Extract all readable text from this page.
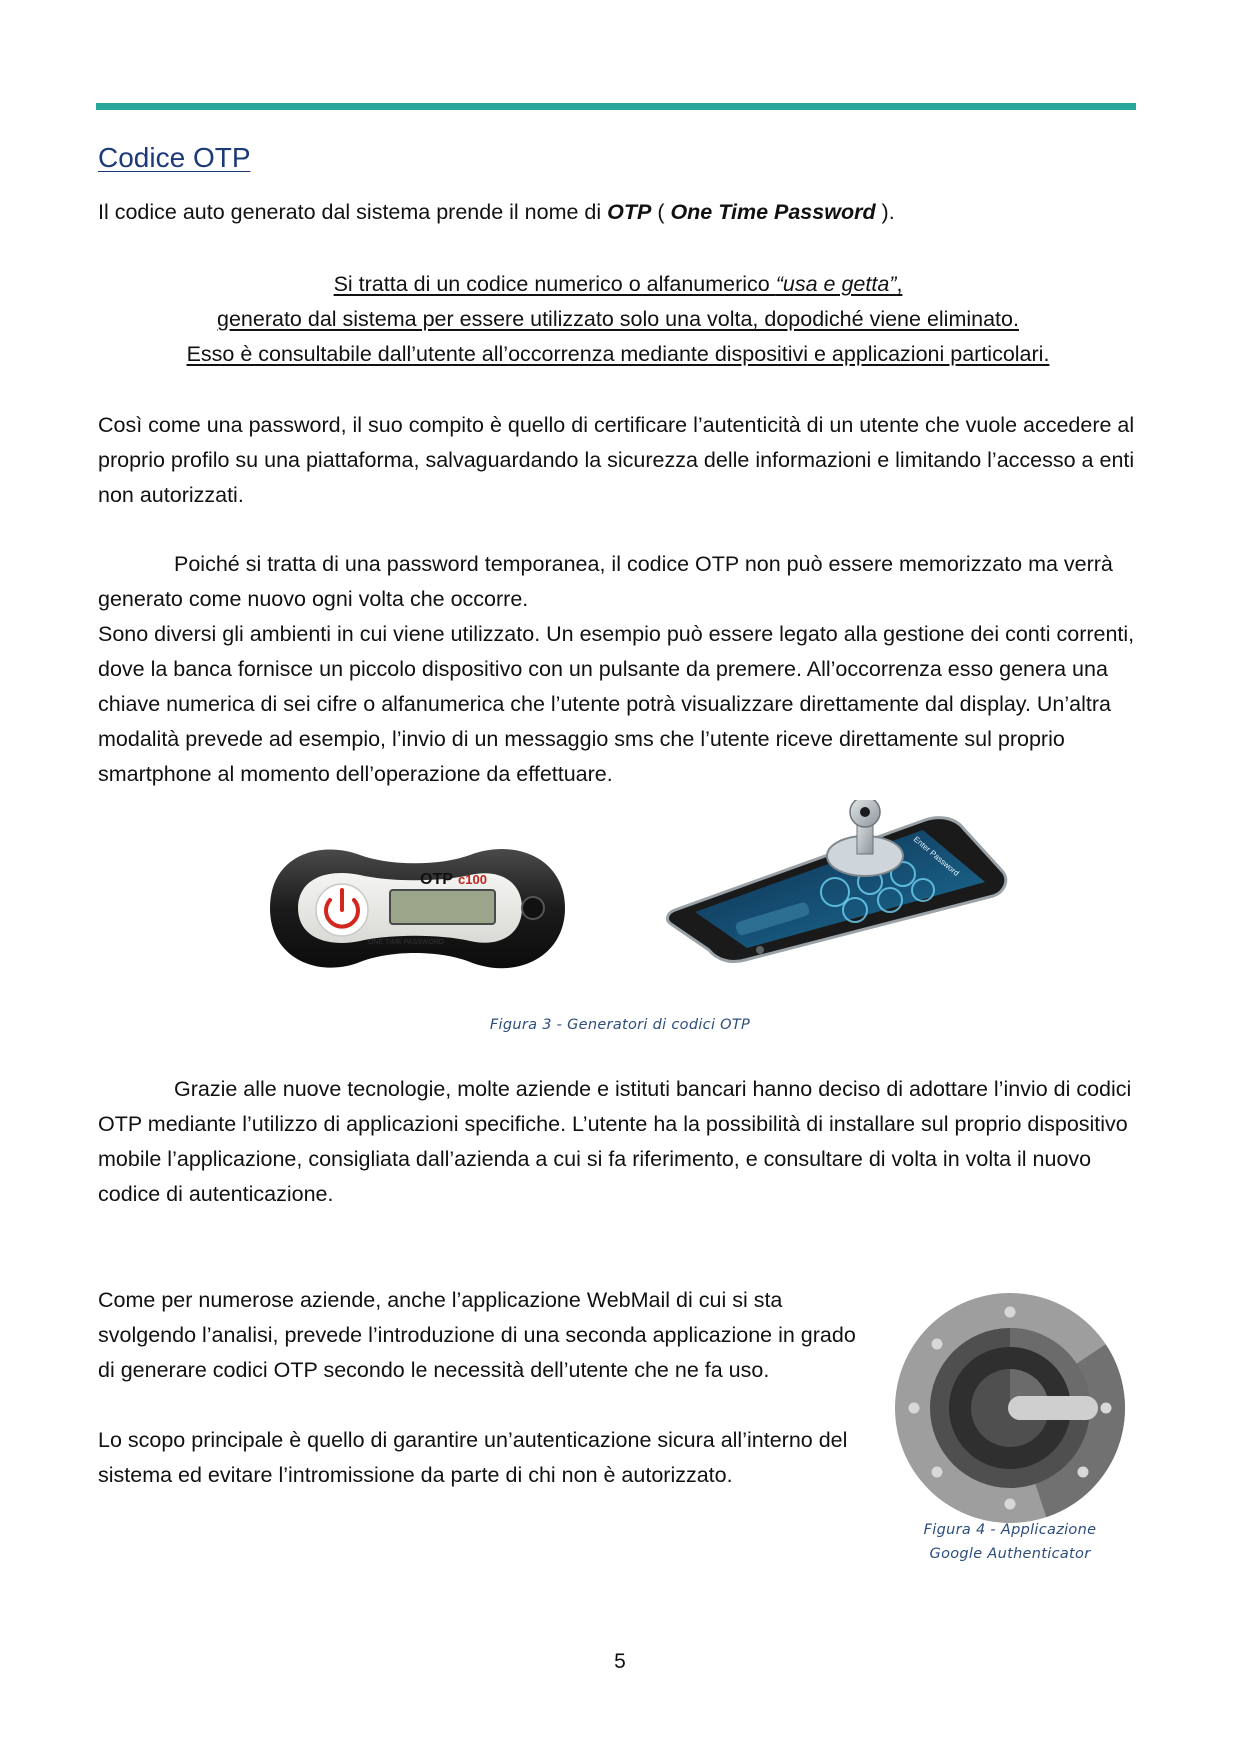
Codice OTP

Il codice auto generato dal sistema prende il nome di OTP ( One Time Password ).

Si tratta di un codice numerico o alfanumerico “usa e getta”,
generato dal sistema per essere utilizzato solo una volta, dopodiché viene eliminato.
Esso è consultabile dall’utente all’occorrenza mediante dispositivi e applicazioni particolari.

Così come una password, il suo compito è quello di certificare l’autenticità di un utente che vuole accedere al proprio profilo su una piattaforma, salvaguardando la sicurezza delle informazioni e limitando l’accesso a enti non autorizzati.

Poiché si tratta di una password temporanea, il codice OTP non può essere memorizzato ma verrà generato come nuovo ogni volta che occorre.
Sono diversi gli ambienti in cui viene utilizzato. Un esempio può essere legato alla gestione dei conti correnti, dove la banca fornisce un piccolo dispositivo con un pulsante da premere. All’occorrenza esso genera una chiave numerica di sei cifre o alfanumerica che l’utente potrà visualizzare direttamente dal display. Un’altra modalità prevede ad esempio, l’invio di un messaggio sms che l’utente riceve direttamente sul proprio smartphone al momento dell’operazione da effettuare.

OTP c100
ONE TIME PASSWORD
Enter Password
Figura 3 - Generatori di codici OTP

Grazie alle nuove tecnologie, molte aziende e istituti bancari hanno deciso di adottare l’invio di codici OTP mediante l’utilizzo di applicazioni specifiche. L’utente ha la possibilità di installare sul proprio dispositivo mobile l’applicazione, consigliata dall’azienda a cui si fa riferimento, e consultare di volta in volta il nuovo codice di autenticazione.

Come per numerose aziende, anche l’applicazione WebMail di cui si sta svolgendo l’analisi, prevede l’introduzione di una seconda applicazione in grado di generare codici OTP secondo le necessità dell’utente che ne fa uso.

Lo scopo principale è quello di garantire un’autenticazione sicura all’interno del sistema ed evitare l’intromissione da parte di chi non è autorizzato.

Figura 4 - Applicazione
Google Authenticator
5
